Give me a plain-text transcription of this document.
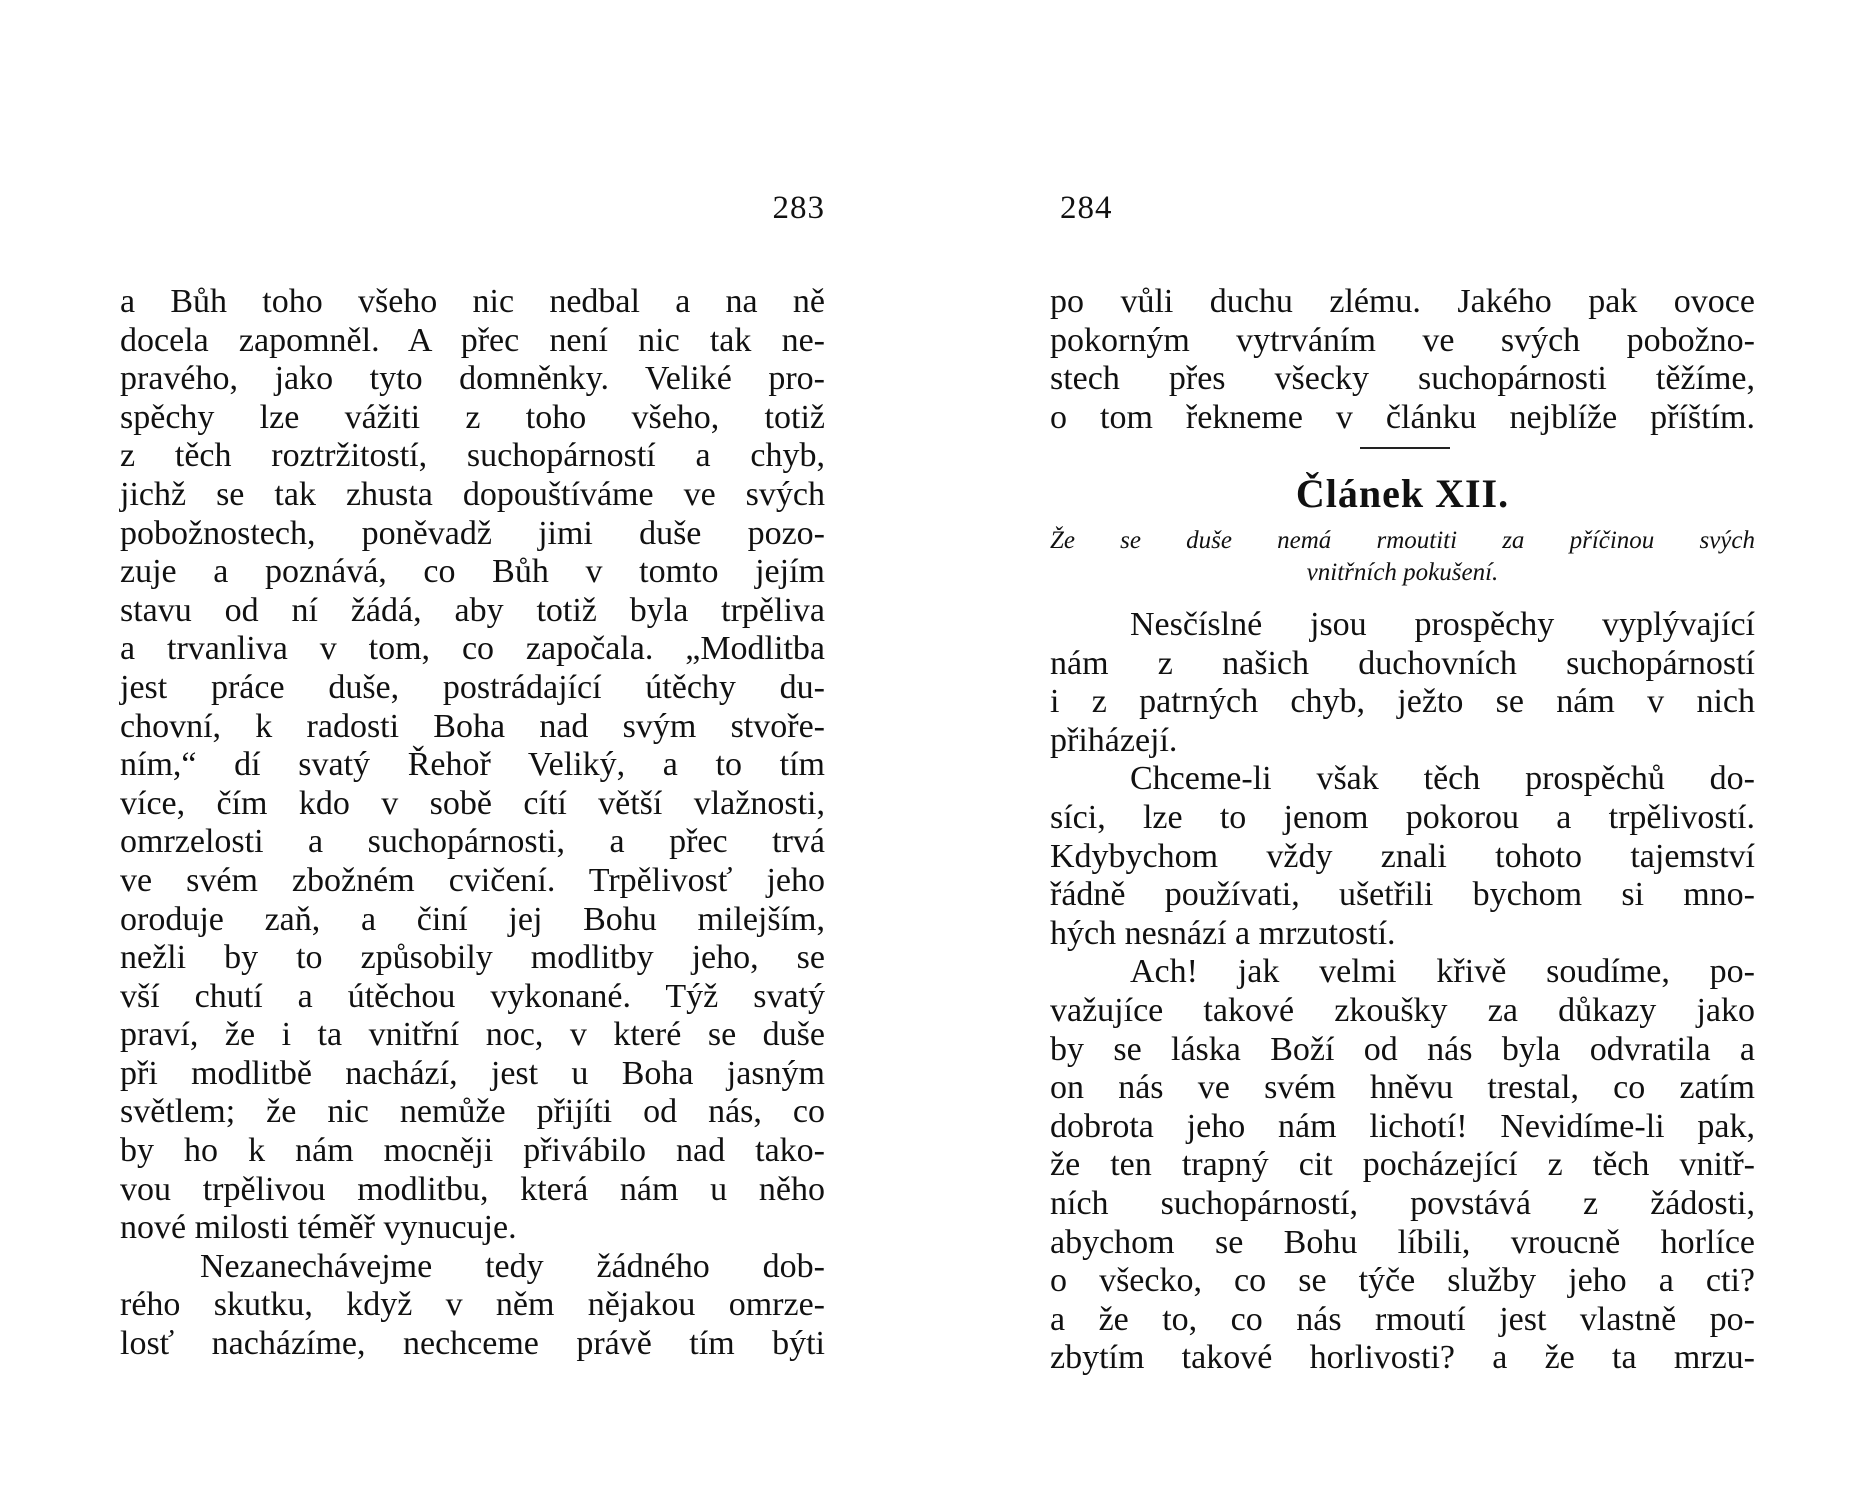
283
a Bůh toho všeho nic nedbal a na ně
docela zapomněl. A přec není nic tak ne-
pravého, jako tyto domněnky. Veliké pro-
spěchy lze vážiti z toho všeho, totiž
z těch roztržitostí, suchopárností a chyb,
jichž se tak zhusta dopouštíváme ve svých
pobožnostech, poněvadž jimi duše pozo-
zuje a poznává, co Bůh v tomto jejím
stavu od ní žádá, aby totiž byla trpěliva
a trvanliva v tom, co započala. „Modlitba
jest práce duše, postrádající útěchy du-
chovní, k radosti Boha nad svým stvoře-
ním,“ dí svatý Řehoř Veliký, a to tím
více, čím kdo v sobě cítí větší vlažnosti,
omrzelosti a suchopárnosti, a přec trvá
ve svém zbožném cvičení. Trpělivosť jeho
oroduje zaň, a činí jej Bohu milejším,
nežli by to způsobily modlitby jeho, se
vší chutí a útěchou vykonané. Týž svatý
praví, že i ta vnitřní noc, v které se duše
při modlitbě nachází, jest u Boha jasným
světlem; že nic nemůže přijíti od nás, co
by ho k nám mocněji přivábilo nad tako-
vou trpělivou modlitbu, která nám u něho
nové milosti téměř vynucuje.
Nezanechávejme tedy žádného dob-
rého skutku, když v něm nějakou omrze-
losť nacházíme, nechceme právě tím býti
284
po vůli duchu zlému. Jakého pak ovoce
pokorným vytrváním ve svých pobožno-
stech přes všecky suchopárnosti těžíme,
o tom řekneme v článku nejblíže příštím.
Článek XII.
Že se duše nemá rmoutiti za příčinou svých
vnitřních pokušení.
Nesčíslné jsou prospěchy vyplývající
nám z našich duchovních suchopárností
i z patrných chyb, ježto se nám v nich
přiházejí.
Chceme-li však těch prospěchů do-
síci, lze to jenom pokorou a trpělivostí.
Kdybychom vždy znali tohoto tajemství
řádně používati, ušetřili bychom si mno-
hých nesnází a mrzutostí.
Ach! jak velmi křivě soudíme, po-
važujíce takové zkoušky za důkazy jako
by se láska Boží od nás byla odvratila a
on nás ve svém hněvu trestal, co zatím
dobrota jeho nám lichotí! Nevidíme-li pak,
že ten trapný cit pocházející z těch vnitř-
ních suchopárností, povstává z žádosti,
abychom se Bohu líbili, vroucně horlíce
o všecko, co se týče služby jeho a cti?
a že to, co nás rmoutí jest vlastně po-
zbytím takové horlivosti? a že ta mrzu-
